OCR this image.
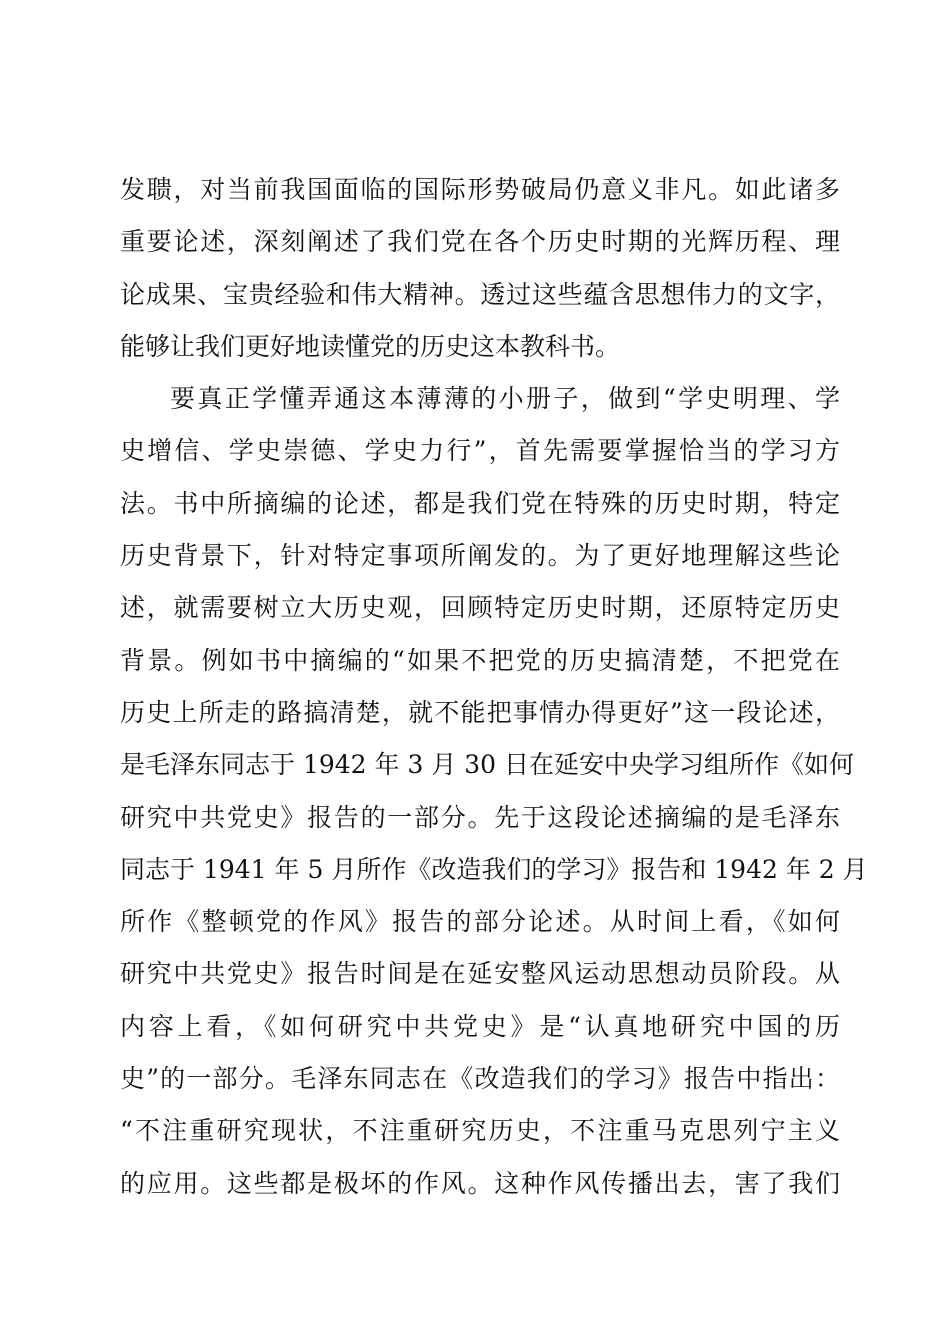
发聩，对当前我国面临的国际形势破局仍意义非凡。如此诸多
重要论述，深刻阐述了我们党在各个历史时期的光辉历程、理
论成果、宝贵经验和伟大精神。透过这些蕴含思想伟力的文字，
能够让我们更好地读懂党的历史这本教科书。
要真正学懂弄通这本薄薄的小册子，做到“学史明理、学
史增信、学史崇德、学史力行”，首先需要掌握恰当的学习方
法。书中所摘编的论述，都是我们党在特殊的历史时期，特定
历史背景下，针对特定事项所阐发的。为了更好地理解这些论
述，就需要树立大历史观，回顾特定历史时期，还原特定历史
背景。例如书中摘编的“如果不把党的历史搞清楚，不把党在
历史上所走的路搞清楚，就不能把事情办得更好”这一段论述，
是毛泽东同志于 1942 年 3 月 30 日在延安中央学习组所作《如何
研究中共党史》报告的一部分。先于这段论述摘编的是毛泽东
同志于 1941 年 5 月所作《改造我们的学习》报告和 1942 年 2 月
所作《整顿党的作风》报告的部分论述。从时间上看，《如何
研究中共党史》报告时间是在延安整风运动思想动员阶段。从
内容上看，《如何研究中共党史》是“认真地研究中国的历
史”的一部分。毛泽东同志在《改造我们的学习》报告中指出：
“不注重研究现状，不注重研究历史，不注重马克思列宁主义
的应用。这些都是极坏的作风。这种作风传播出去，害了我们
